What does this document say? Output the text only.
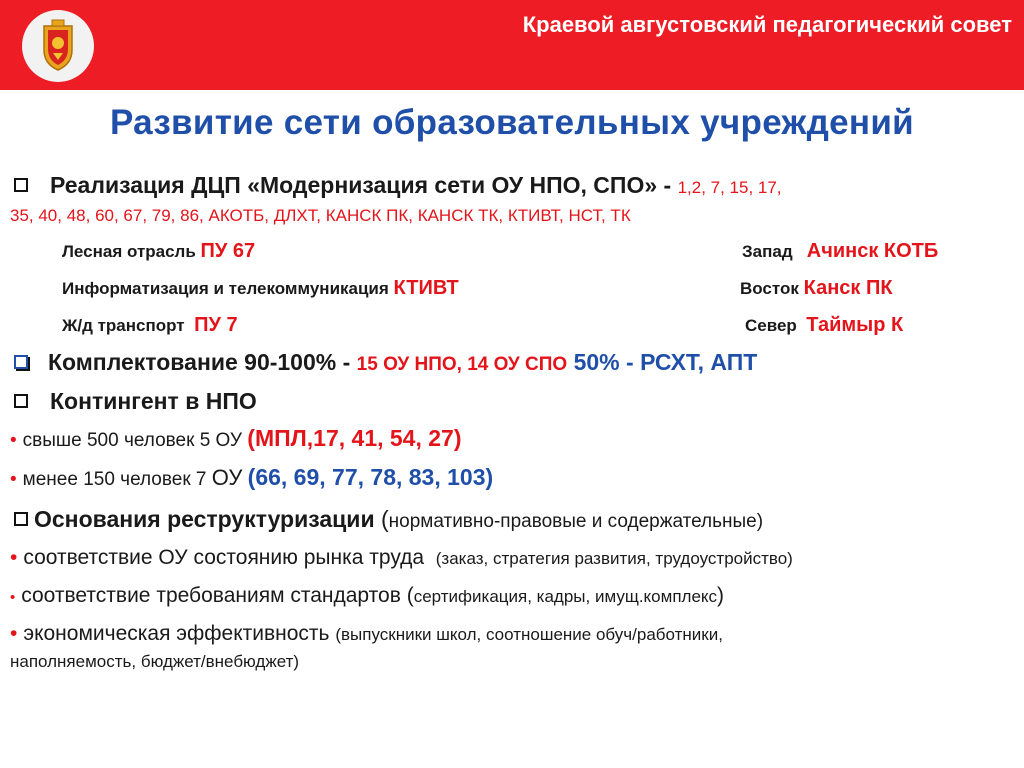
Краевой августовский педагогический совет
Развитие сети образовательных учреждений
Реализация ДЦП «Модернизация сети ОУ НПО, СПО» - 1,2, 7, 15, 17,
35, 40, 48, 60, 67, 79, 86, АКОТБ, ДЛХТ, КАНСК ПК, КАНСК ТК, КТИВТ, НСТ, ТК
Лесная отрасль ПУ 67
Информатизация и телекоммуникация КТИВТ
Ж/д транспорт ПУ 7
Запад Ачинск КОТБ
Восток Канск ПК
Север Таймыр К
Комплектование 90-100% - 15 ОУ НПО, 14 ОУ СПО 50% - РСХТ, АПТ
Контингент в НПО
• свыше 500 человек 5 ОУ (МПЛ,17, 41, 54, 27)
• менее 150 человек 7 ОУ (66, 69, 77, 78, 83, 103)
Основания реструктуризации (нормативно-правовые и содержательные)
• соответствие ОУ состоянию рынка труда (заказ, стратегия развития, трудоустройство)
• соответствие требованиям стандартов (сертификация, кадры, имущ.комплекс)
• экономическая эффективность (выпускники школ, соотношение обуч/работники,
наполняемость, бюджет/внебюджет)
